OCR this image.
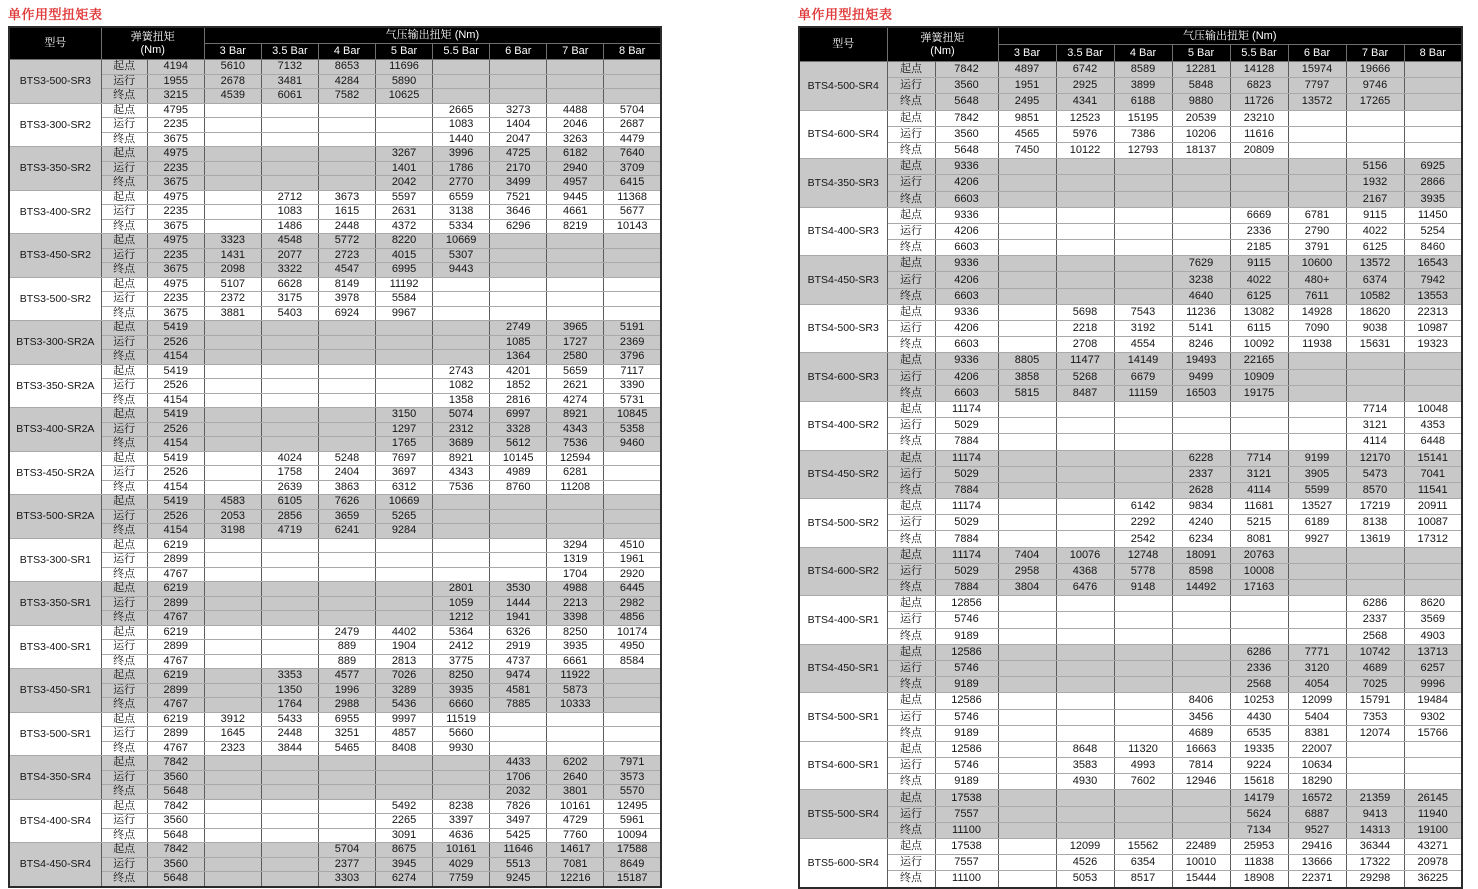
单作用型扭矩表
型号	弹簧扭矩
(Nm)		气压输出扭矩 (Nm)							
			3 Bar	3.5 Bar	4 Bar	5 Bar	5.5 Bar	6 Bar	7 Bar	8 Bar
BTS3-500-SR3	起点	4194	5610	7132	8653	11696				
	运行	1955	2678	3481	4284	5890				
	终点	3215	4539	6061	7582	10625				
BTS3-300-SR2	起点	4795					2665	3273	4488	5704
	运行	2235					1083	1404	2046	2687
	终点	3675					1440	2047	3263	4479
BTS3-350-SR2	起点	4975				3267	3996	4725	6182	7640
	运行	2235				1401	1786	2170	2940	3709
	终点	3675				2042	2770	3499	4957	6415
BTS3-400-SR2	起点	4975		2712	3673	5597	6559	7521	9445	11368
	运行	2235		1083	1615	2631	3138	3646	4661	5677
	终点	3675		1486	2448	4372	5334	6296	8219	10143
BTS3-450-SR2	起点	4975	3323	4548	5772	8220	10669			
	运行	2235	1431	2077	2723	4015	5307			
	终点	3675	2098	3322	4547	6995	9443			
BTS3-500-SR2	起点	4975	5107	6628	8149	11192				
	运行	2235	2372	3175	3978	5584				
	终点	3675	3881	5403	6924	9967				
BTS3-300-SR2A	起点	5419						2749	3965	5191
	运行	2526						1085	1727	2369
	终点	4154						1364	2580	3796
BTS3-350-SR2A	起点	5419					2743	4201	5659	7117
	运行	2526					1082	1852	2621	3390
	终点	4154					1358	2816	4274	5731
BTS3-400-SR2A	起点	5419				3150	5074	6997	8921	10845
	运行	2526				1297	2312	3328	4343	5358
	终点	4154				1765	3689	5612	7536	9460
BTS3-450-SR2A	起点	5419		4024	5248	7697	8921	10145	12594	
	运行	2526		1758	2404	3697	4343	4989	6281	
	终点	4154		2639	3863	6312	7536	8760	11208	
BTS3-500-SR2A	起点	5419	4583	6105	7626	10669				
	运行	2526	2053	2856	3659	5265				
	终点	4154	3198	4719	6241	9284				
BTS3-300-SR1	起点	6219							3294	4510
	运行	2899							1319	1961
	终点	4767							1704	2920
BTS3-350-SR1	起点	6219					2801	3530	4988	6445
	运行	2899					1059	1444	2213	2982
	终点	4767					1212	1941	3398	4856
BTS3-400-SR1	起点	6219			2479	4402	5364	6326	8250	10174
	运行	2899			889	1904	2412	2919	3935	4950
	终点	4767			889	2813	3775	4737	6661	8584
BTS3-450-SR1	起点	6219		3353	4577	7026	8250	9474	11922	
	运行	2899		1350	1996	3289	3935	4581	5873	
	终点	4767		1764	2988	5436	6660	7885	10333	
BTS3-500-SR1	起点	6219	3912	5433	6955	9997	11519			
	运行	2899	1645	2448	3251	4857	5660			
	终点	4767	2323	3844	5465	8408	9930			
BTS4-350-SR4	起点	7842						4433	6202	7971
	运行	3560						1706	2640	3573
	终点	5648						2032	3801	5570
BTS4-400-SR4	起点	7842				5492	8238	7826	10161	12495
	运行	3560				2265	3397	3497	4729	5961
	终点	5648				3091	4636	5425	7760	10094
BTS4-450-SR4	起点	7842			5704	8675	10161	11646	14617	17588
	运行	3560			2377	3945	4029	5513	7081	8649
	终点	5648			3303	6274	7759	9245	12216	15187
单作用型扭矩表
型号	弹簧扭矩
(Nm)		气压输出扭矩 (Nm)							
			3 Bar	3.5 Bar	4 Bar	5 Bar	5.5 Bar	6 Bar	7 Bar	8 Bar
BTS4-500-SR4	起点	7842	4897	6742	8589	12281	14128	15974	19666	
	运行	3560	1951	2925	3899	5848	6823	7797	9746	
	终点	5648	2495	4341	6188	9880	11726	13572	17265	
BTS4-600-SR4	起点	7842	9851	12523	15195	20539	23210			
	运行	3560	4565	5976	7386	10206	11616			
	终点	5648	7450	10122	12793	18137	20809			
BTS4-350-SR3	起点	9336							5156	6925
	运行	4206							1932	2866
	终点	6603							2167	3935
BTS4-400-SR3	起点	9336					6669	6781	9115	11450
	运行	4206					2336	2790	4022	5254
	终点	6603					2185	3791	6125	8460
BTS4-450-SR3	起点	9336				7629	9115	10600	13572	16543
	运行	4206				3238	4022	480+	6374	7942
	终点	6603				4640	6125	7611	10582	13553
BTS4-500-SR3	起点	9336		5698	7543	11236	13082	14928	18620	22313
	运行	4206		2218	3192	5141	6115	7090	9038	10987
	终点	6603		2708	4554	8246	10092	11938	15631	19323
BTS4-600-SR3	起点	9336	8805	11477	14149	19493	22165			
	运行	4206	3858	5268	6679	9499	10909			
	终点	6603	5815	8487	11159	16503	19175			
BTS4-400-SR2	起点	11174							7714	10048
	运行	5029							3121	4353
	终点	7884							4114	6448
BTS4-450-SR2	起点	11174				6228	7714	9199	12170	15141
	运行	5029				2337	3121	3905	5473	7041
	终点	7884				2628	4114	5599	8570	11541
BTS4-500-SR2	起点	11174			6142	9834	11681	13527	17219	20911
	运行	5029			2292	4240	5215	6189	8138	10087
	终点	7884			2542	6234	8081	9927	13619	17312
BTS4-600-SR2	起点	11174	7404	10076	12748	18091	20763			
	运行	5029	2958	4368	5778	8598	10008			
	终点	7884	3804	6476	9148	14492	17163			
BTS4-400-SR1	起点	12856							6286	8620
	运行	5746							2337	3569
	终点	9189							2568	4903
BTS4-450-SR1	起点	12586					6286	7771	10742	13713
	运行	5746					2336	3120	4689	6257
	终点	9189					2568	4054	7025	9996
BTS4-500-SR1	起点	12586				8406	10253	12099	15791	19484
	运行	5746				3456	4430	5404	7353	9302
	终点	9189				4689	6535	8381	12074	15766
BTS4-600-SR1	起点	12586		8648	11320	16663	19335	22007		
	运行	5746		3583	4993	7814	9224	10634		
	终点	9189		4930	7602	12946	15618	18290		
BTS5-500-SR4	起点	17538					14179	16572	21359	26145
	运行	7557					5624	6887	9413	11940
	终点	11100					7134	9527	14313	19100
BTS5-600-SR4	起点	17538		12099	15562	22489	25953	29416	36344	43271
	运行	7557		4526	6354	10010	11838	13666	17322	20978
	终点	11100		5053	8517	15444	18908	22371	29298	36225
